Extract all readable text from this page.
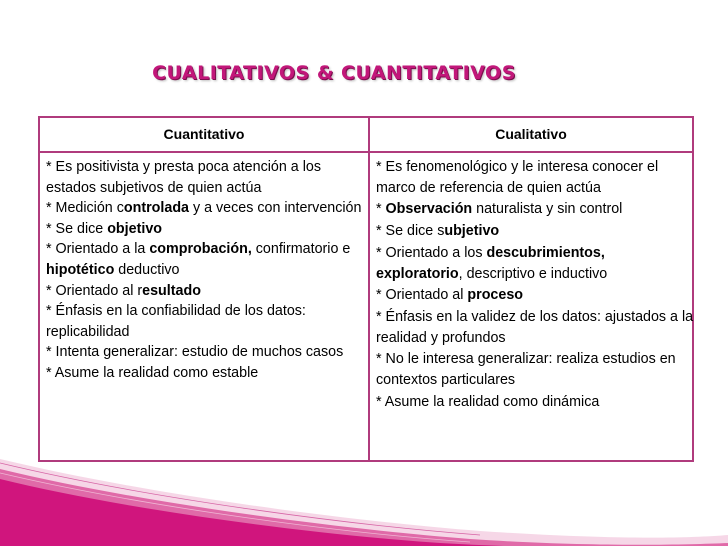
CUALITATIVOS & CUANTITATIVOS
Cuantitativo	Cualitativo

* Es positivista y presta poca atención a los estados subjetivos de quien actúa

* Medición controlada y a veces con intervención

* Se dice objetivo

* Orientado a la comprobación, confirmatorio e hipotético deductivo

* Orientado al resultado

* Énfasis en la confiabilidad de los datos: replicabilidad

* Intenta generalizar: estudio de muchos casos

* Asume la realidad como estable

* Es fenomenológico y le interesa conocer el marco de referencia de quien actúa

* Observación naturalista y sin control

* Se dice subjetivo

* Orientado a los descubrimientos, exploratorio, descriptivo e inductivo

* Orientado al proceso

* Énfasis en la validez de los datos: ajustados a la realidad y profundos

* No le interesa generalizar: realiza estudios en contextos particulares

* Asume la realidad como dinámica
